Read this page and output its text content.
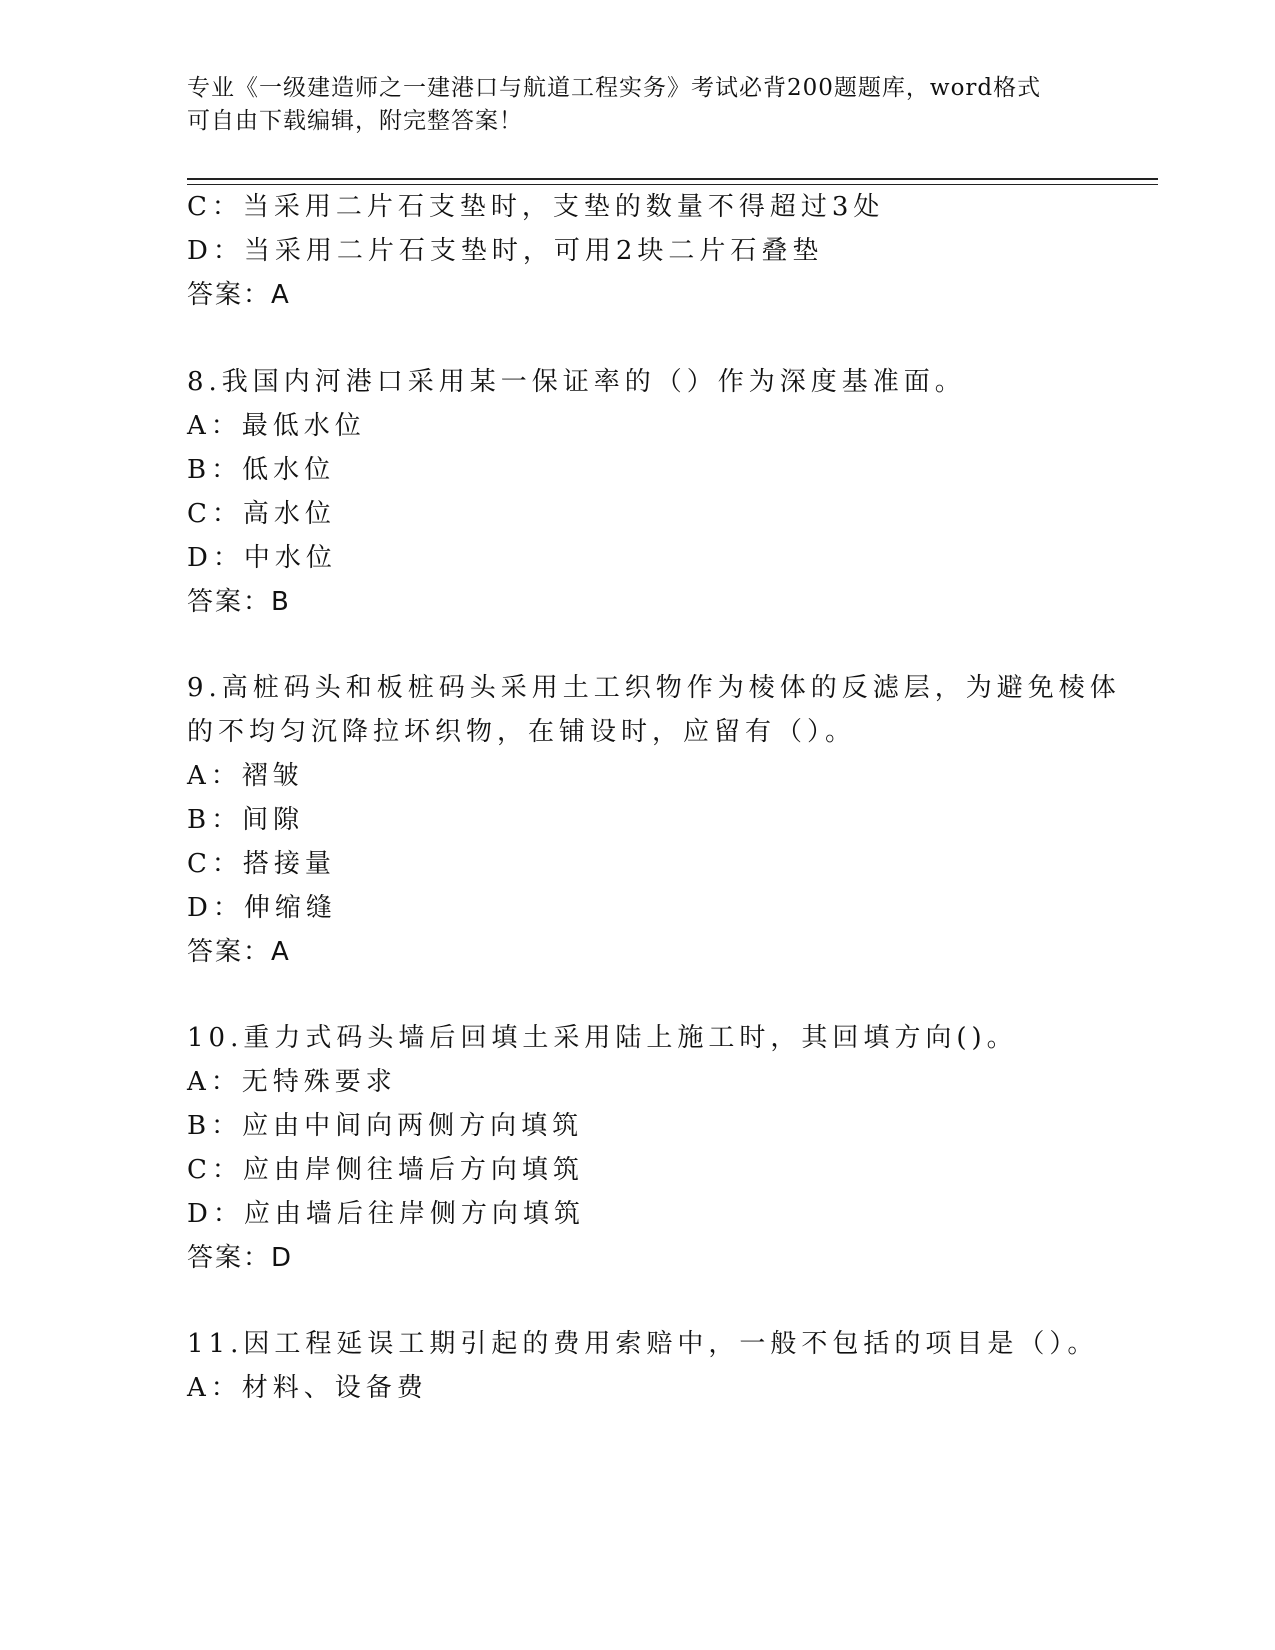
专业《一级建造师之一建港口与航道工程实务》考试必背200题题库，word格式
可自由下载编辑，附完整答案！
C：当采用二片石支垫时，支垫的数量不得超过3处
D：当采用二片石支垫时，可用2块二片石叠垫
答案：A
8.我国内河港口采用某一保证率的（）作为深度基准面。
A：最低水位
B：低水位
C：高水位
D：中水位
答案：B
9.高桩码头和板桩码头采用土工织物作为棱体的反滤层，为避免棱体
的不均匀沉降拉坏织物，在铺设时，应留有（）。
A：褶皱
B：间隙
C：搭接量
D：伸缩缝
答案：A
10.重力式码头墙后回填土采用陆上施工时，其回填方向()。
A：无特殊要求
B：应由中间向两侧方向填筑
C：应由岸侧往墙后方向填筑
D：应由墙后往岸侧方向填筑
答案：D
11.因工程延误工期引起的费用索赔中，一般不包括的项目是（）。
A：材料、设备费
